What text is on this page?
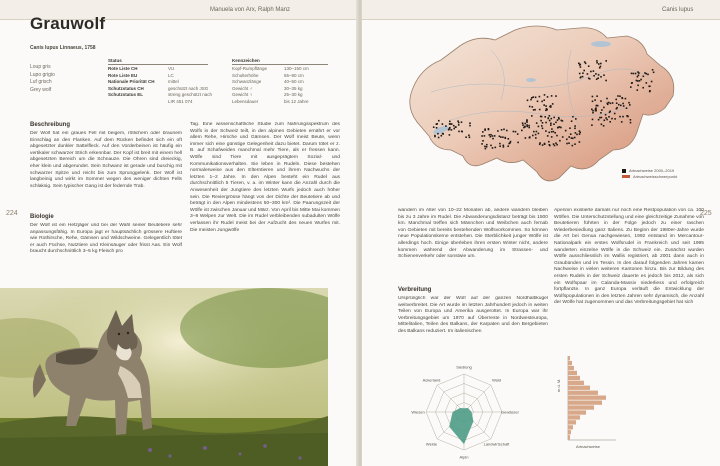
Manuela von Arx, Ralph Manz
Grauwolf
Canis lupus Linnaeus, 1758
Loup gris
Lupo grigio
Luf grisch
Grey wolf
Status
Rote Liste CH	VU
Rote Liste EU	LC
Nationale Priorität CH	mittel
Schutzstatus CH	geschützt nach JSG
Schutzstatus EL	streng geschützt nach
LIR 451 074
Kennzeichen
Kopf-Rumpflänge	130–150 cm
Schulterhöhe	65–80 cm
Schwanzlänge	40–50 cm
Gewicht ♂	30–35 kg
Gewicht ♀	25–30 kg
Lebensdauer	bis 12 Jahre
Beschreibung
Der Wolf hat ein graues Fell mit beigem, rötlichem oder braunem Einschlag an den Flanken. Auf dem Rücken befindet sich ein oft abgesetzter dunkler Sattelfleck. Auf den Vorderbeinen ist häufig ein vertikaler schwarzer Strich erkennbar. Der Kopf ist breit mit einem hell abgesetzten Bereich um die Schnauze. Die Ohren sind dreieckig, eher klein und abgerundet. Sein Schwanz ist gerade und buschig mit schwarzer Spitze und reicht bis zum Sprunggelenk. Der Wolf ist langbeinig und wirkt im Sommer wegen des weniger dichten Fells schlaksig. Sein typischer Gang ist der federnde Trab.
Biologie
Der Wolf ist ein Hetzjäger und bei der Wahl seiner Beutetiere sehr anpassungsfähig. In Europa jagt er hauptsächlich grössere Huftiere wie Rothirsche, Rehe, Gämsen und Wildschweine. Gelegentlich tötet er auch Füchse, Nutztiere und Kleinsäuger oder frisst Aas. Ein Wolf braucht durchschnittlich 3–5 kg Fleisch pro
Tag. Eine wissenschaftliche Studie zum Nahrungsspektrum des Wolfs in der Schweiz teilt, in den alpinen Gebieten ernährt er vor allem Rehe, Hirsche und Gämsen. Der Wolf meist Beute, wenn immer sich eine günstige Gelegenheit dazu bietet. Darum tötet er z. B. auf Schafweiden manchmal mehr Tiere, als er fressen kann. Wölfe sind Tiere mit ausgeprägtem Sozial- und Kommunikationsverhalten. Sie leben in Rudeln. Diese bestehen normalerweise aus den Elterntieren und ihrem Nachwuchs der letzten 1–2 Jahre. In den Alpen besteht ein Rudel aus durchschnittlich 5 Tieren, v. a. im Winter kann die Anzahl durch die Anwesenheit der Jungtiere des letzten Wurfs jedoch auch höher sein. Die Reviergrösse hängt von der Dichte der Beutetiere ab und beträgt in den Alpen mindestens 50–300 km². Die Paarungszeit der Wölfe ist zwischen Januar und März. Von April bis Mitte Mai kommen 3–8 Welpen zur Welt. Die im Rudel verbleibenden subadulten Wölfe verlassen ihr Rudel meist bei der Aufzucht des neuen Wurfes mit. Die meisten Jungwölfe
224
Canis lupus
225
wandern im Alter von 10–22 Monaten ab, andere wandern bleiben bis zu 3 Jahre im Rudel. Die Abwanderungsdistanz beträgt bis 1500 km. Manchmal treffen sich Männchen und Weibchen auch fernab von Gebieten mit bereits bestehenden Wolfsvorkommen. So können neue Populationskerne entstehen. Die Sterblichkeit junger Wölfe ist allerdings hoch. Einige überleben ihren ersten Winter nicht, andere kommen während der Abwanderung im Strassen- und Schienenverkehr oder sonstwie um.
Verbreitung
Ursprünglich war der Wolf auf der ganzen Nordhalbkugel weitverbreitet. Die Art wurde im letzten Jahrhundert jedoch in weiten Teilen von Europa und Amerika ausgerottet. In Europa war ihr Verbreitungsgebiet um 1970 auf Überreste in Nordwesteuropa, Mittelitalien, Teilen des Balkans, der Karpaten und den Bergebieten des Balkans reduziert. Im italienischen
Apennin existierte damals nur noch eine Restpopulation von ca. 100 Wölfen. Die Unterschutzstellung und eine gleichzeitige Zunahme von Beutetieren führten in der Folge jedoch zu einer raschen Wiederbesiedlung ganz Italiens. Zu Beginn der 1980er-Jahre wurde die Art bei Genua nachgewiesen, 1992 entstand im Mercantour-Nationalpark ein erstes Wolfsrudel in Frankreich und seit 1995 wanderten einzelne Wölfe in die Schweiz ein. Zunächst wurden Wölfe ausschliesslich im Wallis registriert, ab 2001 dann auch in Graubünden und im Tessin. In den darauf folgenden Jahren kamen Nachweise in vielen weiteren Kantonen hinzu. Bis zur Bildung des ersten Rudels in der Schweiz dauerte es jedoch bis 2012, als sich ein Wolfspaar im Calanda-Massiv niederliess und erfolgreich fortpflanzte. In ganz Europa verläuft die Entwicklung der Wolfspopulationen in den letzten Jahren sehr dynamisch, die Anzahl der Wölfe hat zugenommen und das Verbreitungsgebiet hat sich
Artnachweise 2000–2019
Artnachweisschwerpunkt
Siedlung
Wald
Gewässer
Landwirtschaft
Alpin
Weide
Wiesen
Ackerland	m ü. M.
Artnachweise
